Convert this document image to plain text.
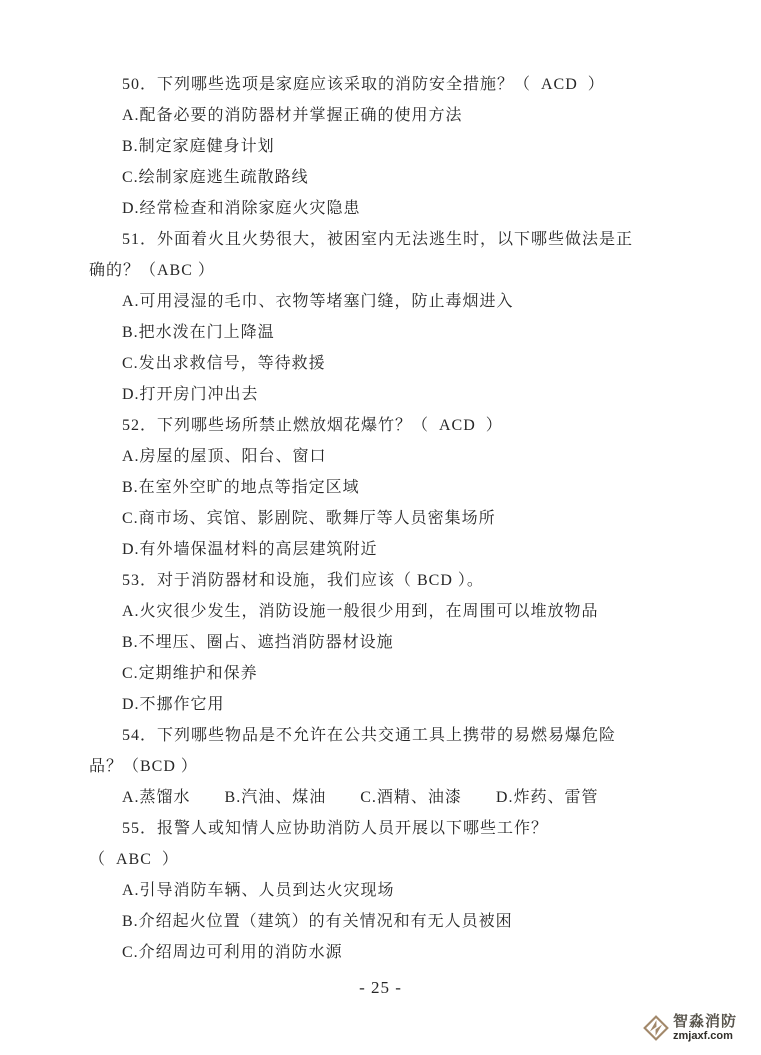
50．下列哪些选项是家庭应该采取的消防安全措施？（  ACD  ）
A.配备必要的消防器材并掌握正确的使用方法
B.制定家庭健身计划
C.绘制家庭逃生疏散路线
D.经常检查和消除家庭火灾隐患
51．外面着火且火势很大，被困室内无法逃生时，以下哪些做法是正
确的？（ABC ）
A.可用浸湿的毛巾、衣物等堵塞门缝，防止毒烟进入
B.把水泼在门上降温
C.发出求救信号，等待救援
D.打开房门冲出去
52．下列哪些场所禁止燃放烟花爆竹？（  ACD  ）
A.房屋的屋顶、阳台、窗口
B.在室外空旷的地点等指定区域
C.商市场、宾馆、影剧院、歌舞厅等人员密集场所
D.有外墙保温材料的高层建筑附近
53．对于消防器材和设施，我们应该（ BCD ）。
A.火灾很少发生，消防设施一般很少用到，在周围可以堆放物品
B.不埋压、圈占、遮挡消防器材设施
C.定期维护和保养
D.不挪作它用
54．下列哪些物品是不允许在公共交通工具上携带的易燃易爆危险
品？（BCD ）
A.蒸馏水　　B.汽油、煤油　　C.酒精、油漆　　D.炸药、雷管
55．报警人或知情人应协助消防人员开展以下哪些工作？
（  ABC  ）
A.引导消防车辆、人员到达火灾现场
B.介绍起火位置（建筑）的有关情况和有无人员被困
C.介绍周边可利用的消防水源
- 25 -
智淼消防
zmjaxf.com
